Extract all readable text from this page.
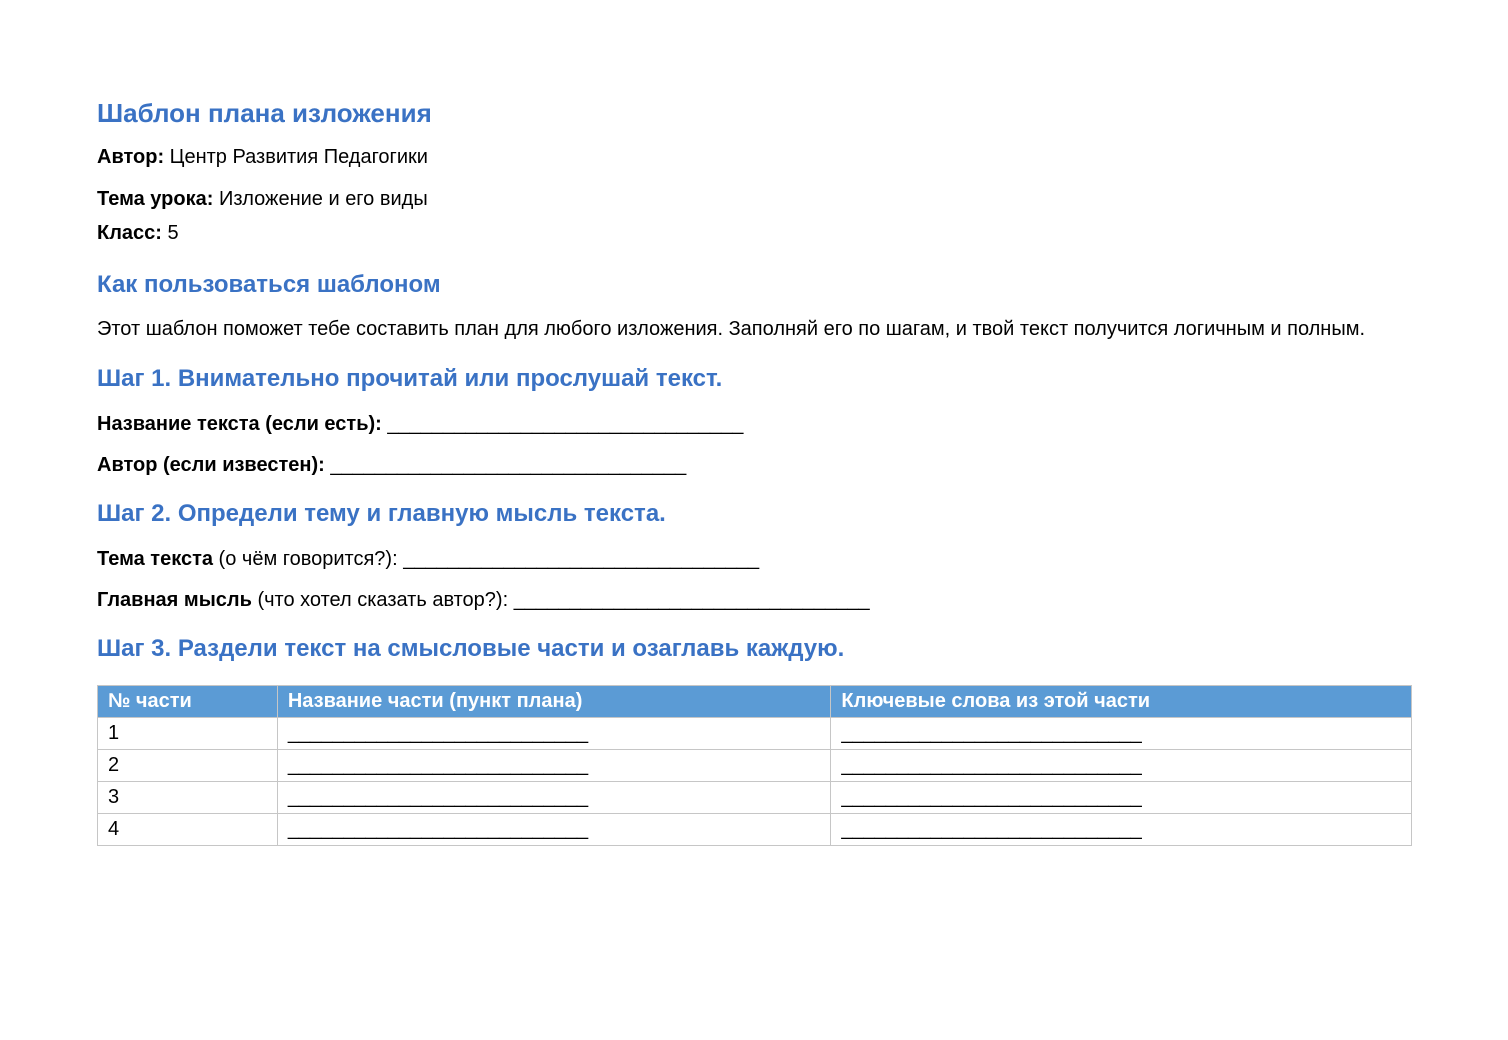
Шаблон плана изложения

Автор: Центр Развития Педагогики

Тема урока: Изложение и его виды

Класс: 5

Как пользоваться шаблоном

Этот шаблон поможет тебе составить план для любого изложения. Заполняй его по шагам, и твой текст получится логичным и полным.

Шаг 1. Внимательно прочитай или прослушай текст.

Название текста (если есть): ________________________________

Автор (если известен): ________________________________

Шаг 2. Определи тему и главную мысль текста.

Тема текста (о чём говорится?): ________________________________

Главная мысль (что хотел сказать автор?): ________________________________

Шаг 3. Раздели текст на смысловые части и озаглавь каждую.
№ части	Название части (пункт плана)	Ключевые слова из этой части
1	___________________________	___________________________
2	___________________________	___________________________
3	___________________________	___________________________
4	___________________________	___________________________
